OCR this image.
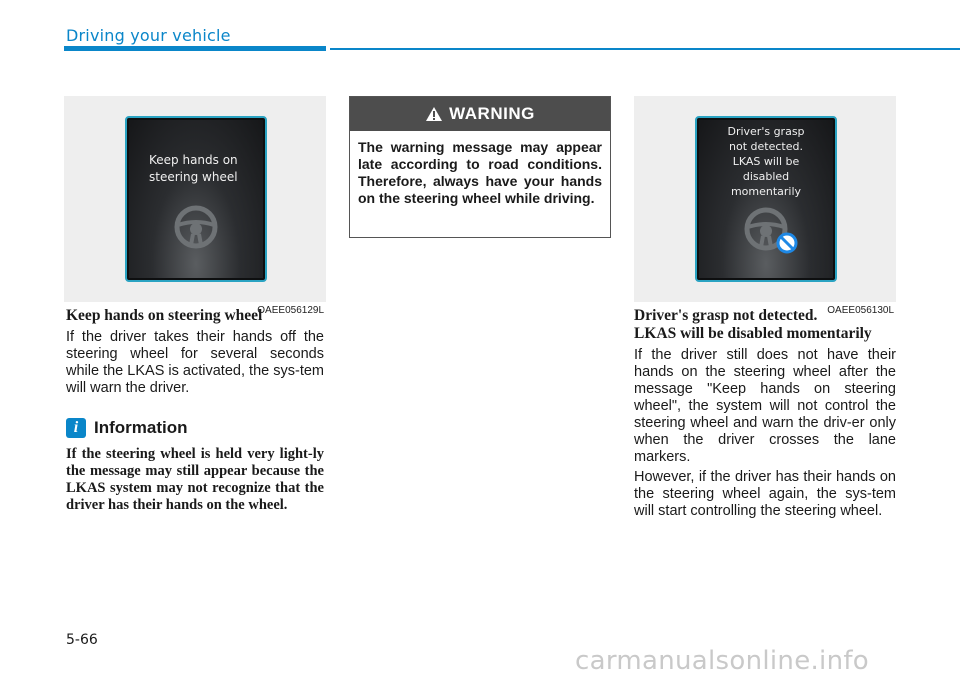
Driving your vehicle
Keep hands on
steering wheel
OAEE056129L
WARNING
The warning message may appear late according to road conditions. Therefore, always have your hands on the steering wheel while driving.
Driver's grasp
not detected.
LKAS will be
disabled
momentarily
OAEE056130L
Keep hands on steering wheel
If the driver takes their hands off the steering wheel for several seconds while the LKAS is activated, the sys-tem will warn the driver.
i Information
If the steering wheel is held very light-ly the message may still appear because the LKAS system may not recognize that the driver has their hands on the wheel.
Driver's grasp not detected.
LKAS will be disabled momentarily
If the driver still does not have their hands on the steering wheel after the message "Keep hands on steering wheel", the system will not control the steering wheel and warn the driv-er only when the driver crosses the lane markers.
However, if the driver has their hands on the steering wheel again, the sys-tem will start controlling the steering wheel.
5-66
carmanualsonline.info
